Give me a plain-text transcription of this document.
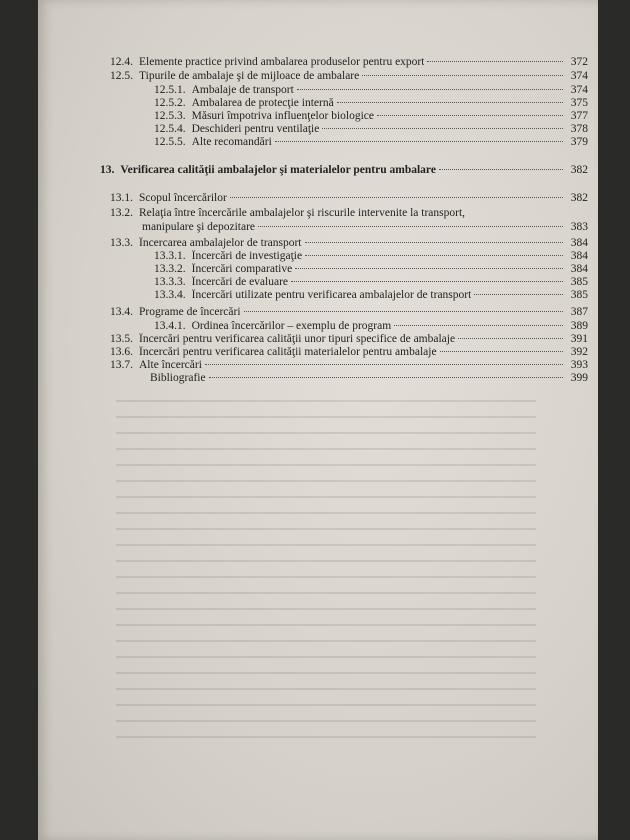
12.4. Elemente practice privind ambalarea produselor pentru export	372
12.5. Tipurile de ambalaje şi de mijloace de ambalare	374
12.5.1. Ambalaje de transport	374
12.5.2. Ambalarea de protecţie internă	375
12.5.3. Măsuri împotriva influenţelor biologice	377
12.5.4. Deschideri pentru ventilaţie	378
12.5.5. Alte recomandări	379
13. Verificarea calităţii ambalajelor şi materialelor pentru ambalare	382
13.1. Scopul încercărilor	382
13.2. Relaţia între încercările ambalajelor şi riscurile intervenite la transport,
manipulare şi depozitare	383
13.3. Încercarea ambalajelor de transport	384
13.3.1. Încercări de investigaţie	384
13.3.2. Încercări comparative	384
13.3.3. Încercări de evaluare	385
13.3.4. Încercări utilizate pentru verificarea ambalajelor de transport	385
13.4. Programe de încercări	387
13.4.1. Ordinea încercărilor – exemplu de program	389
13.5. Încercări pentru verificarea calităţii unor tipuri specifice de ambalaje	391
13.6. Încercări pentru verificarea calităţii materialelor pentru ambalaje	392
13.7. Alte încercări	393
Bibliografie	399
